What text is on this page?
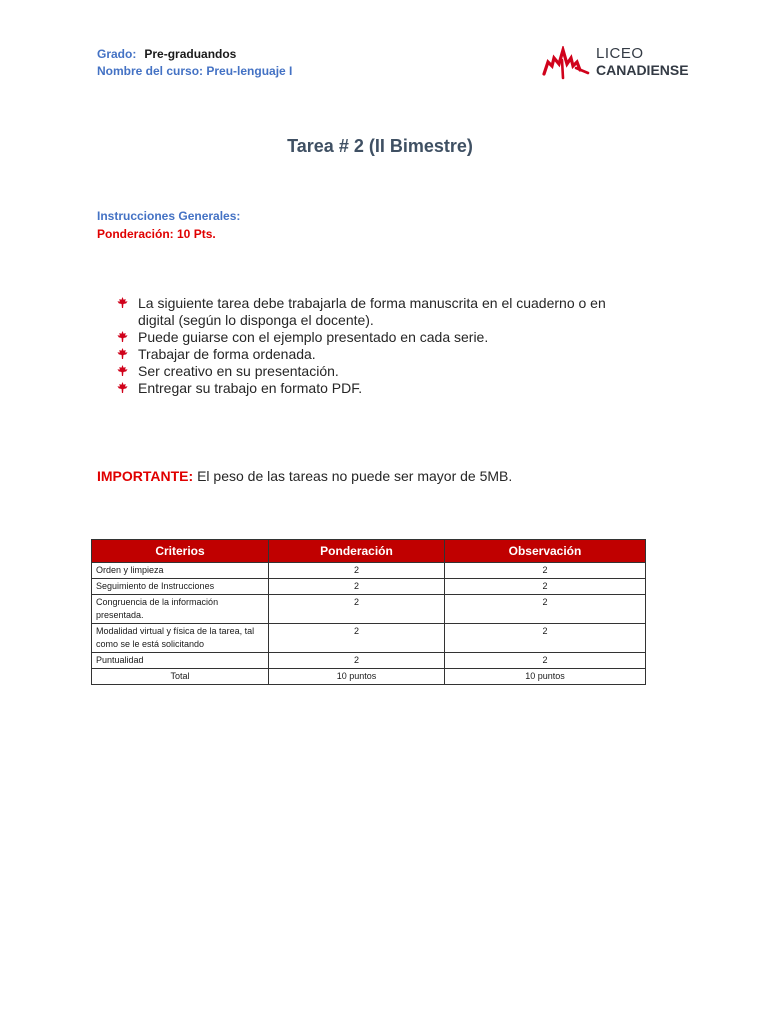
Grado: Pre-graduandos
Nombre del curso: Preu-lenguaje I
LICEO
CANADIENSE
Tarea # 2 (II Bimestre)
Instrucciones Generales:
Ponderación: 10 Pts.
La siguiente tarea debe trabajarla de forma manuscrita en el cuaderno o en digital (según lo disponga el docente).
Puede guiarse con el ejemplo presentado en cada serie.
Trabajar de forma ordenada.
Ser creativo en su presentación.
Entregar su trabajo en formato PDF.
IMPORTANTE: El peso de las tareas no puede ser mayor de 5MB.
Criterios	Ponderación	Observación
Orden y limpieza	2	2
Seguimiento de Instrucciones	2	2
Congruencia de la información presentada.	2	2
Modalidad virtual y física de la tarea, tal como se le está solicitando	2	2
Puntualidad	2	2
Total	10 puntos	10 puntos
